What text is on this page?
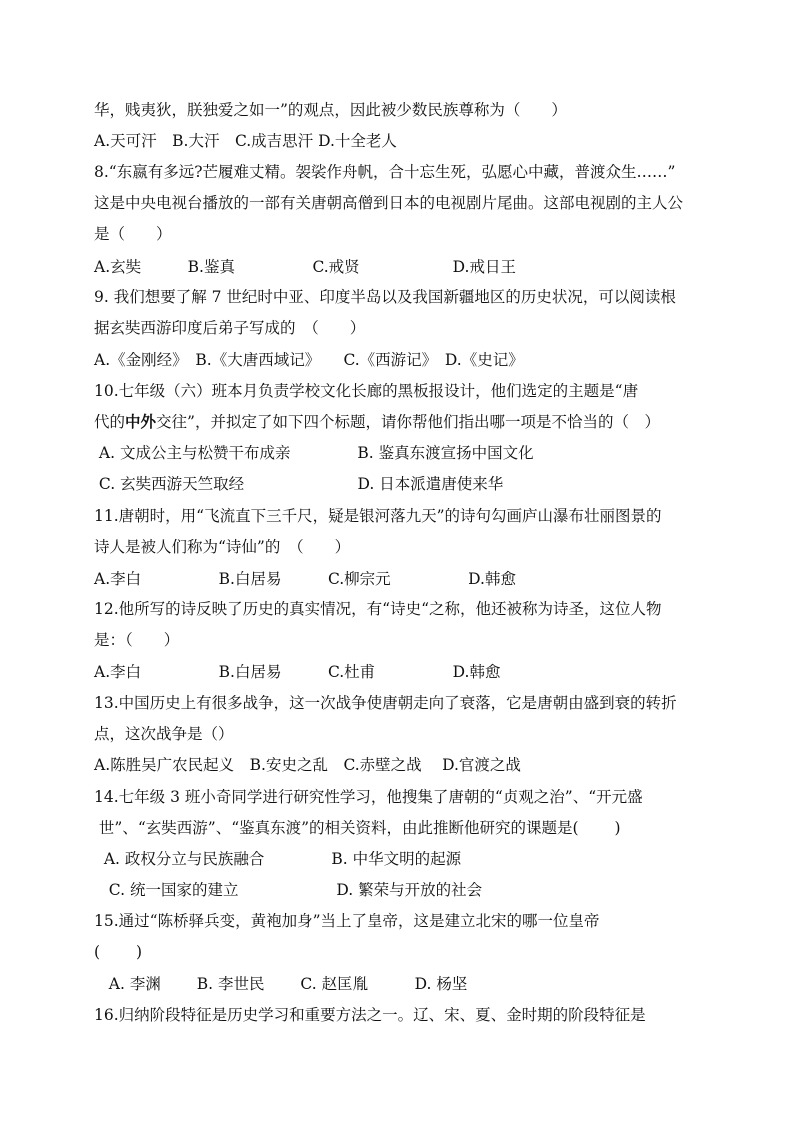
华，贱夷狄，朕独爱之如一”的观点，因此被少数民族尊称为（　　）
A.天可汗　B.大汗　C.成吉思汗 D.十全老人
8.“东嬴有多远?芒履难丈精。袈裟作舟帆，合十忘生死，弘愿心中藏，普渡众生……”
这是中央电视台播放的一部有关唐朝高僧到日本的电视剧片尾曲。这部电视剧的主人公
是（　　）
A.玄奘　　　B.鉴真　　　　　C.戒贤　　　　　　D.戒日王
9. 我们想要了解 7 世纪时中亚、印度半岛以及我国新疆地区的历史状况，可以阅读根
据玄奘西游印度后弟子写成的　（　　）
A.《金刚经》　B.《大唐西域记》　　C.《西游记》　D.《史记》
10.七年级（六）班本月负责学校文化长廊的黑板报设计，他们选定的主题是“唐
代的中外交往”，并拟定了如下四个标题，请你帮他们指出哪一项是不恰当的（　）
A. 文成公主与松赞干布成亲　　　　 B. 鉴真东渡宣扬中国文化
C. 玄奘西游天竺取经　　　　　　　 D. 日本派遣唐使来华
11.唐朝时，用“飞流直下三千尺，疑是银河落九天”的诗句勾画庐山瀑布壮丽图景的
诗人是被人们称为“诗仙”的　（　　）
A.李白　　　　　B.白居易　　　C.柳宗元　　　　　D.韩愈
12.他所写的诗反映了历史的真实情况，有“诗史“之称，他还被称为诗圣，这位人物
是：（　　）
A.李白　　　　　B.白居易　　　C.杜甫　　　　　D.韩愈
13.中国历史上有很多战争，这一次战争使唐朝走向了衰落，它是唐朝由盛到衰的转折
点，这次战争是（）
A.陈胜吴广农民起义　B.安史之乱　C.赤壁之战　 D.官渡之战
14.七年级 3 班小奇同学进行研究性学习，他搜集了唐朝的“贞观之治”、“开元盛
世”、“玄奘西游”、“鉴真东渡”的相关资料，由此推断他研究的课题是(　　 )
A. 政权分立与民族融合　　　　 B. 中华文明的起源
C. 统一国家的建立　　　　　　 D. 繁荣与开放的社会
15.通过“陈桥驿兵变，黄袍加身”当上了皇帝，这是建立北宋的哪一位皇帝
(　　 )
A. 李渊　　 B. 李世民　　 C. 赵匡胤　　　D. 杨坚
16.归纳阶段特征是历史学习和重要方法之一。辽、宋、夏、金时期的阶段特征是
